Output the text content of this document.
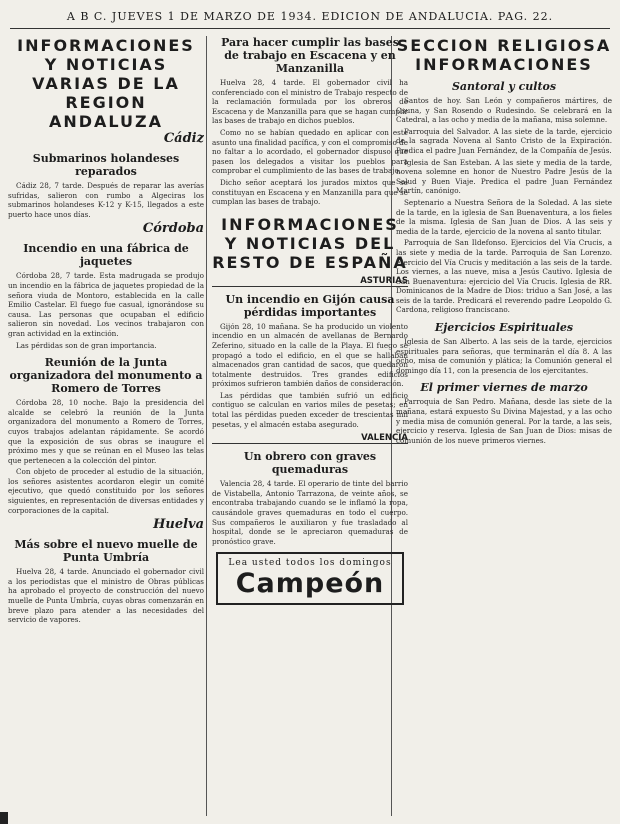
A B C. JUEVES 1 DE MARZO DE 1934. EDICION DE ANDALUCIA. PAG. 22.
INFORMACIONES Y NOTICIAS VARIAS DE LA REGION ANDALUZA
Cádiz
Submarinos holandeses reparados

Cádiz 28, 7 tarde. Después de reparar las averías sufridas, salieron con rumbo a Algeciras los submarinos holandeses K-12 y K-15, llegados a este puerto hace unos días.

Córdoba
Incendio en una fábrica de jaquetes

Córdoba 28, 7 tarde. Esta madrugada se produjo un incendio en la fábrica de jaquetes propiedad de la señora viuda de Montoro, establecida en la calle Emilio Castelar. El fuego fue casual, ignorándose su causa. Las personas que ocupaban el edificio salieron sin novedad. Los vecinos trabajaron con gran actividad en la extinción.

Las pérdidas son de gran importancia.

Reunión de la Junta organizadora del monumento a Romero de Torres

Córdoba 28, 10 noche. Bajo la presidencia del alcalde se celebró la reunión de la Junta organizadora del monumento a Romero de Torres, cuyos trabajos adelantan rápidamente. Se acordó que la exposición de sus obras se inaugure el próximo mes y que se reúnan en el Museo las telas que pertenecen a la colección del pintor.

Con objeto de proceder al estudio de la situación, los señores asistentes acordaron elegir un comité ejecutivo, que quedó constituido por los señores siguientes, en representación de diversas entidades y corporaciones de la capital.

Huelva
Más sobre el nuevo muelle de Punta Umbría

Huelva 28, 4 tarde. Anunciado el gobernador civil a los periodistas que el ministro de Obras públicas ha aprobado el proyecto de construcción del nuevo muelle de Punta Umbría, cuyas obras comenzarán en breve plazo para atender a las necesidades del servicio de vapores.

Para hacer cumplir las bases de trabajo en Escacena y en Manzanilla

Huelva 28, 4 tarde. El gobernador civil ha conferenciado con el ministro de Trabajo respecto de la reclamación formulada por los obreros de Escacena y de Manzanilla para que se hagan cumplir las bases de trabajo en dichos pueblos.

Como no se habían quedado en aplicar con este asunto una finalidad pacífica, y con el compromiso de no faltar a lo acordado, el gobernador dispuso que pasen los delegados a visitar los pueblos para comprobar el cumplimiento de las bases de trabajo.

Dicho señor aceptará los jurados mixtos que se constituyan en Escacena y en Manzanilla para que se cumplan las bases de trabajo.

INFORMACIONES Y NOTICIAS DEL RESTO DE ESPAÑA
ASTURIAS
Un incendio en Gijón causa pérdidas importantes

Gijón 28, 10 mañana. Se ha producido un violento incendio en un almacén de avellanas de Bernardo Zeferino, situado en la calle de la Playa. El fuego se propagó a todo el edificio, en el que se hallaban almacenados gran cantidad de sacos, que quedaron totalmente destruidos. Tres grandes edificios próximos sufrieron también daños de consideración.

Las pérdidas que también sufrió un edificio contiguo se calculan en varios miles de pesetas; en total las pérdidas pueden exceder de trescientas mil pesetas, y el almacén estaba asegurado.

VALENCIA
Un obrero con graves quemaduras

Valencia 28, 4 tarde. El operario de tinte del barrio de Vistabella, Antonio Tarrazona, de veinte años, se encontraba trabajando cuando se le inflamó la ropa, causándole graves quemaduras en todo el cuerpo. Sus compañeros le auxiliaron y fue trasladado al hospital, donde se le apreciaron quemaduras de pronóstico grave.

Lea usted todos los domingos
Campeón
SECCION RELIGIOSA INFORMACIONES
Santoral y cultos

Santos de hoy. San León y compañeros mártires, de Osuna, y San Rosendo o Rudesindo. Se celebrará en la Catedral, a las ocho y media de la mañana, misa solemne.

Parroquia del Salvador. A las siete de la tarde, ejercicio de la sagrada Novena al Santo Cristo de la Expiración. Predica el padre Juan Fernández, de la Compañía de Jesús.

Iglesia de San Esteban. A las siete y media de la tarde, novena solemne en honor de Nuestro Padre Jesús de la Salud y Buen Viaje. Predica el padre Juan Fernández Martín, canónigo.

Septenario a Nuestra Señora de la Soledad. A las siete de la tarde, en la iglesia de San Buenaventura, a los fieles de la misma. Iglesia de San Juan de Dios. A las seis y media de la tarde, ejercicio de la novena al santo titular.

Parroquia de San Ildefonso. Ejercicios del Vía Crucis, a las siete y media de la tarde. Parroquia de San Lorenzo. Ejercicio del Vía Crucis y meditación a las seis de la tarde. Los viernes, a las nueve, misa a Jesús Cautivo. Iglesia de San Buenaventura: ejercicio del Vía Crucis. Iglesia de RR. Dominicanos de la Madre de Dios: triduo a San José, a las seis de la tarde. Predicará el reverendo padre Leopoldo G. Cardona, religioso franciscano.

Ejercicios Espirituales

Iglesia de San Alberto. A las seis de la tarde, ejercicios espirituales para señoras, que terminarán el día 8. A las ocho, misa de comunión y plática; la Comunión general el domingo día 11, con la presencia de los ejercitantes.

El primer viernes de marzo

Parroquia de San Pedro. Mañana, desde las siete de la mañana, estará expuesto Su Divina Majestad, y a las ocho y media misa de comunión general. Por la tarde, a las seis, ejercicio y reserva. Iglesia de San Juan de Dios: misas de comunión de los nueve primeros viernes.
